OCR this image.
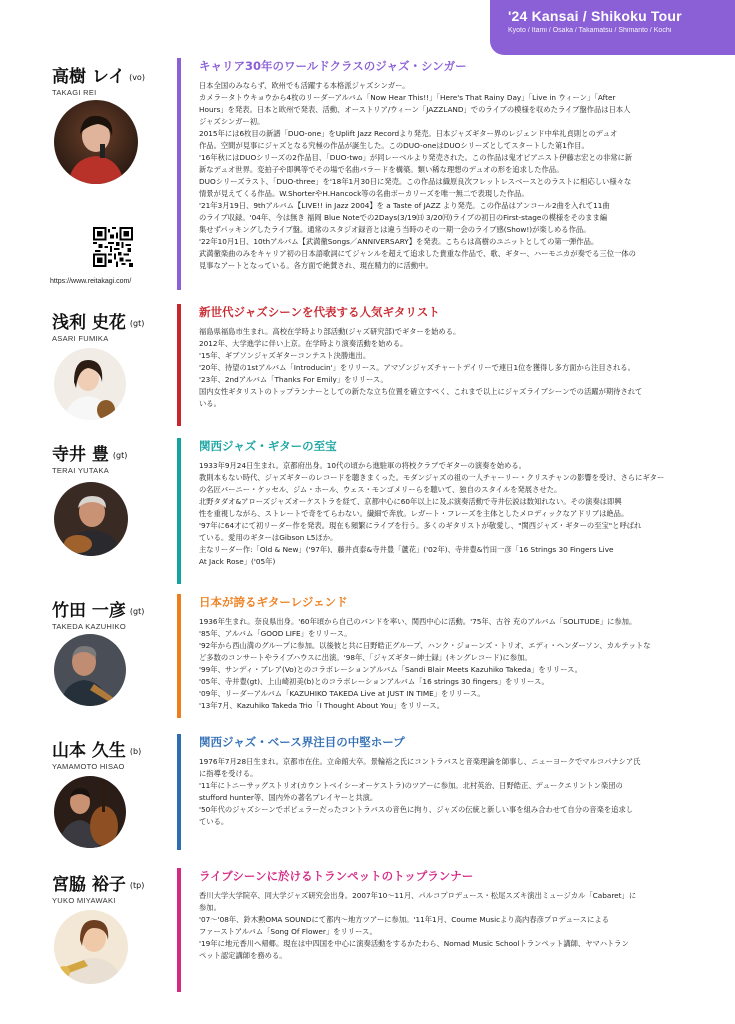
'24 Kansai / Shikoku Tour
Kyoto / Itami / Osaka / Takamatsu / Shimanto / Kochi
高樹 レイ (vo)
TAKAGI REI
キャリア30年のワールドクラスのジャズ・シンガー

日本全国のみならず、欧州でも活躍する本格派ジャズシンガー。

カメラータトウキョウから4枚のリーダーアルバム「Now Hear This!!」「Here's That Rainy Day」「Live in ウィーン」「After

Hours」を発表。日本と欧州で発表、活動、オーストリア/ウィーン「JAZZLAND」でのライブの模様を収めたライブ盤作品は日本人

ジャズシンガー初。

2015年には6枚目の新譜「DUO-one」をUplift Jazz Recordより発売。日本ジャズギター界のレジェンド中牟礼貞則とのデュオ

作品。空間が見事にジャズとなる究極の作品が誕生した。このDUO-oneはDUOシリーズとしてスタートした第1作目。

'16年秋にはDUOシリーズの2作品目、「DUO-two」が同レーベルより発売された。この作品は鬼才ピアニスト伊藤志宏との非常に新

新なデュオ世界。変拍子や即興等でその場で名曲バラードを構築。類い稀な理想のデュオの形を追求した作品。

DUOシリーズラスト、「DUO-three」を'18年1月30日に発売。この作品は織原良次フレットレスベースとのラストに相応しい様々な

情景が見えてくる作品。W.ShorterやH.Hancock等の名曲ボーカリーズを唯一無二で表現した作品。

'21年3月19日、9thアルバム【LIVE!! in Jazz 2004】を a Taste of JAZZ より発売。この作品はアンコール2曲を入れて11曲

のライブ収録。'04年、今は無き 福岡 Blue Noteでの2Days(3/19㈰ 3/20㈪)ライブの初日のFirst-stageの模様をそのまま編

集せずパッキングしたライブ盤。通常のスタジオ録音とは違う当時のその一期一会のライブ感(Show!)が楽しめる作品。

'22年10月1日、10thアルバム【武満徹Songs／ANNIVERSARY】を発表。こちらは高樹のユニットとしての第一弾作品。

武満徹楽曲のみをキャリア初の日本語歌詞にてジャンルを超えて追求した貴重な作品で、歌、ギター、ハーモニカが奏でる三位一体の

見事なアートとなっている。各方面で絶賛され、現在精力的に活動中。

https://www.reitakagi.com/
浅利 史花 (gt)
ASARI FUMIKA
新世代ジャズシーンを代表する人気ギタリスト

福島県福島市生まれ。高校在学時より部活動(ジャズ研究部)でギターを始める。

2012年、大学進学に伴い上京。在学時より演奏活動を始める。

'15年、ギブソンジャズギターコンテスト決勝進出。

'20年、待望の1stアルバム「Introducin'」をリリース。アマゾンジャズチャートデイリーで連日1位を獲得し多方面から注目される。

'23年、2ndアルバム「Thanks For Emily」をリリース。

国内女性ギタリストのトップランナーとしての新たな立ち位置を確立すべく、これまで以上にジャズライブシーンでの活躍が期待されて

いる。

寺井 豊 (gt)
TERAI YUTAKA
関西ジャズ・ギターの至宝

1933年9月24日生まれ。京都府出身。10代の頃から進駐軍の将校クラブでギターの演奏を始める。

教則本もない時代、ジャズギターのレコードを聴きまくった。モダンジャズの祖の一人チャーリー・クリスチャンの影響を受け、さらにギター

の名匠バーニー・ケッセル、ジム・ホール、ウェス・モンゴメリーらを聴いて、独自のスタイルを発展させた。

北野タダオ&アローズジャズオーケストラを経て、京都中心に60年以上に及ぶ演奏活動で寺井伝説は数知れない。その演奏は即興

性を重視しながら、ストレートで奇をてらわない。繊細で奔放。レガート・フレーズを主体としたメロディックなアドリブは絶品。

'97年に64才にて初リーダー作を発表。現在も頻繁にライブを行う。多くのギタリストが敬愛し、"関西ジャズ・ギターの至宝"と呼ばれ

ている。愛用のギターはGibson L5ほか。

主なリーダー作:「Old & New」('97年)、藤井貞泰&寺井豊「蘆花」('02年)、寺井豊&竹田一彦「16 Strings 30 Fingers Live

At Jack Rose」('05年)

竹田 一彦 (gt)
TAKEDA KAZUHIKO
日本が誇るギターレジェンド

1936年生まれ。奈良県出身。'60年頃から自己のバンドを率い、関西中心に活動。'75年、古谷 充のアルバム「SOLITUDE」に参加。

'85年、アルバム「GOOD LIFE」をリリース。

'92年から西山満のグループに参加。以後彼と共に日野皓正グループ、ハンク・ジョーンズ・トリオ、エディ・ヘンダーソン、カルテットな

ど多数のコンサートやライブハウスに出演。'98年、「ジャズギター紳士録」(キングレコード)に参加。

'99年、サンディ・ブレア(Vo)とのコラボレーションアルバム「Sandi Blair Meets Kazuhiko Takeda」をリリース。

'05年、寺井豊(gt)、上山崎初美(b)とのコラボレーションアルバム「16 strings 30 fingers」をリリース。

'09年、リーダーアルバム「KAZUHIKO TAKEDA Live at JUST IN TIME」をリリース。

'13年7月、Kazuhiko Takeda Trio「I Thought About You」をリリース。

山本 久生 (b)
YAMAMOTO HISAO
関西ジャズ・ベース界注目の中堅ホープ

1976年7月28日生まれ。京都市在住。立命館大卒。景輪裕之氏にコントラバスと音楽理論を師事し、ニューヨークでマルコパナシア氏

に指導を受ける。

'11年にトニーサッグストリオ(カウントベイシーオーケストラ)のツアーに参加。北村英治、日野皓正、デュークエリントン楽団の

stufford hunter等、国内外の著名プレイヤーと共演。

'50年代のジャズシーンでポピュラーだったコントラバスの音色に拘り、ジャズの伝統と新しい事を組み合わせて自分の音楽を追求し

ている。

宮脇 裕子 (tp)
YUKO MIYAWAKI
ライブシーンに於けるトランペットのトップランナー

香川大学大学院卒、同大学ジャズ研究会出身。2007年10～11月、パルコプロデュース・松尾スズキ演出ミュージカル「Cabaret」に

参加。

'07～'08年、鈴木勲OMA SOUNDにて都内～地方ツアーに参加。'11年1月、Coume Musicより高内春彦プロデュースによる

ファーストアルバム「Song Of Flower」をリリース。

'19年に地元香川へ帰郷。現在は中四国を中心に演奏活動をするかたわら、Nomad Music Schoolトランペット講師、ヤマハトラン

ペット認定講師を務める。
